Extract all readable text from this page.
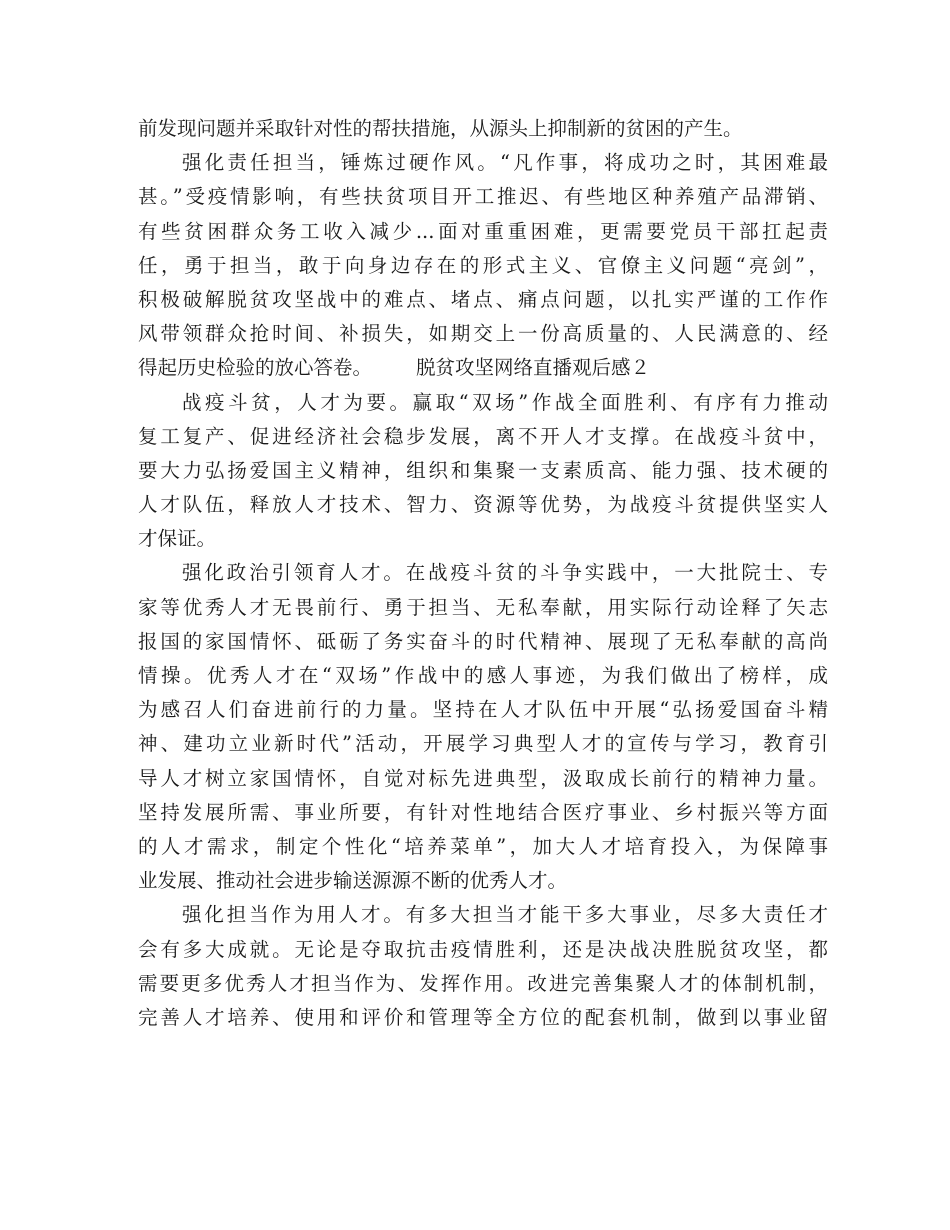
前发现问题并采取针对性的帮扶措施，从源头上抑制新的贫困的产生。
强化责任担当，锤炼过硬作风。“凡作事，将成功之时，其困难最
甚。”受疫情影响，有些扶贫项目开工推迟、有些地区种养殖产品滞销、
有些贫困群众务工收入减少...面对重重困难，更需要党员干部扛起责
任，勇于担当，敢于向身边存在的形式主义、官僚主义问题“亮剑”，
积极破解脱贫攻坚战中的难点、堵点、痛点问题，以扎实严谨的工作作
风带领群众抢时间、补损失，如期交上一份高质量的、人民满意的、经
得起历史检验的放心答卷。 脱贫攻坚网络直播观后感２
战疫斗贫，人才为要。赢取“双场”作战全面胜利、有序有力推动
复工复产、促进经济社会稳步发展，离不开人才支撑。在战疫斗贫中，
要大力弘扬爱国主义精神，组织和集聚一支素质高、能力强、技术硬的
人才队伍，释放人才技术、智力、资源等优势，为战疫斗贫提供坚实人
才保证。
强化政治引领育人才。在战疫斗贫的斗争实践中，一大批院士、专
家等优秀人才无畏前行、勇于担当、无私奉献，用实际行动诠释了矢志
报国的家国情怀、砥砺了务实奋斗的时代精神、展现了无私奉献的高尚
情操。优秀人才在“双场”作战中的感人事迹，为我们做出了榜样，成
为感召人们奋进前行的力量。坚持在人才队伍中开展“弘扬爱国奋斗精
神、建功立业新时代”活动，开展学习典型人才的宣传与学习，教育引
导人才树立家国情怀，自觉对标先进典型，汲取成长前行的精神力量。
坚持发展所需、事业所要，有针对性地结合医疗事业、乡村振兴等方面
的人才需求，制定个性化“培养菜单”，加大人才培育投入，为保障事
业发展、推动社会进步输送源源不断的优秀人才。
强化担当作为用人才。有多大担当才能干多大事业，尽多大责任才
会有多大成就。无论是夺取抗击疫情胜利，还是决战决胜脱贫攻坚，都
需要更多优秀人才担当作为、发挥作用。改进完善集聚人才的体制机制，
完善人才培养、使用和评价和管理等全方位的配套机制，做到以事业留
